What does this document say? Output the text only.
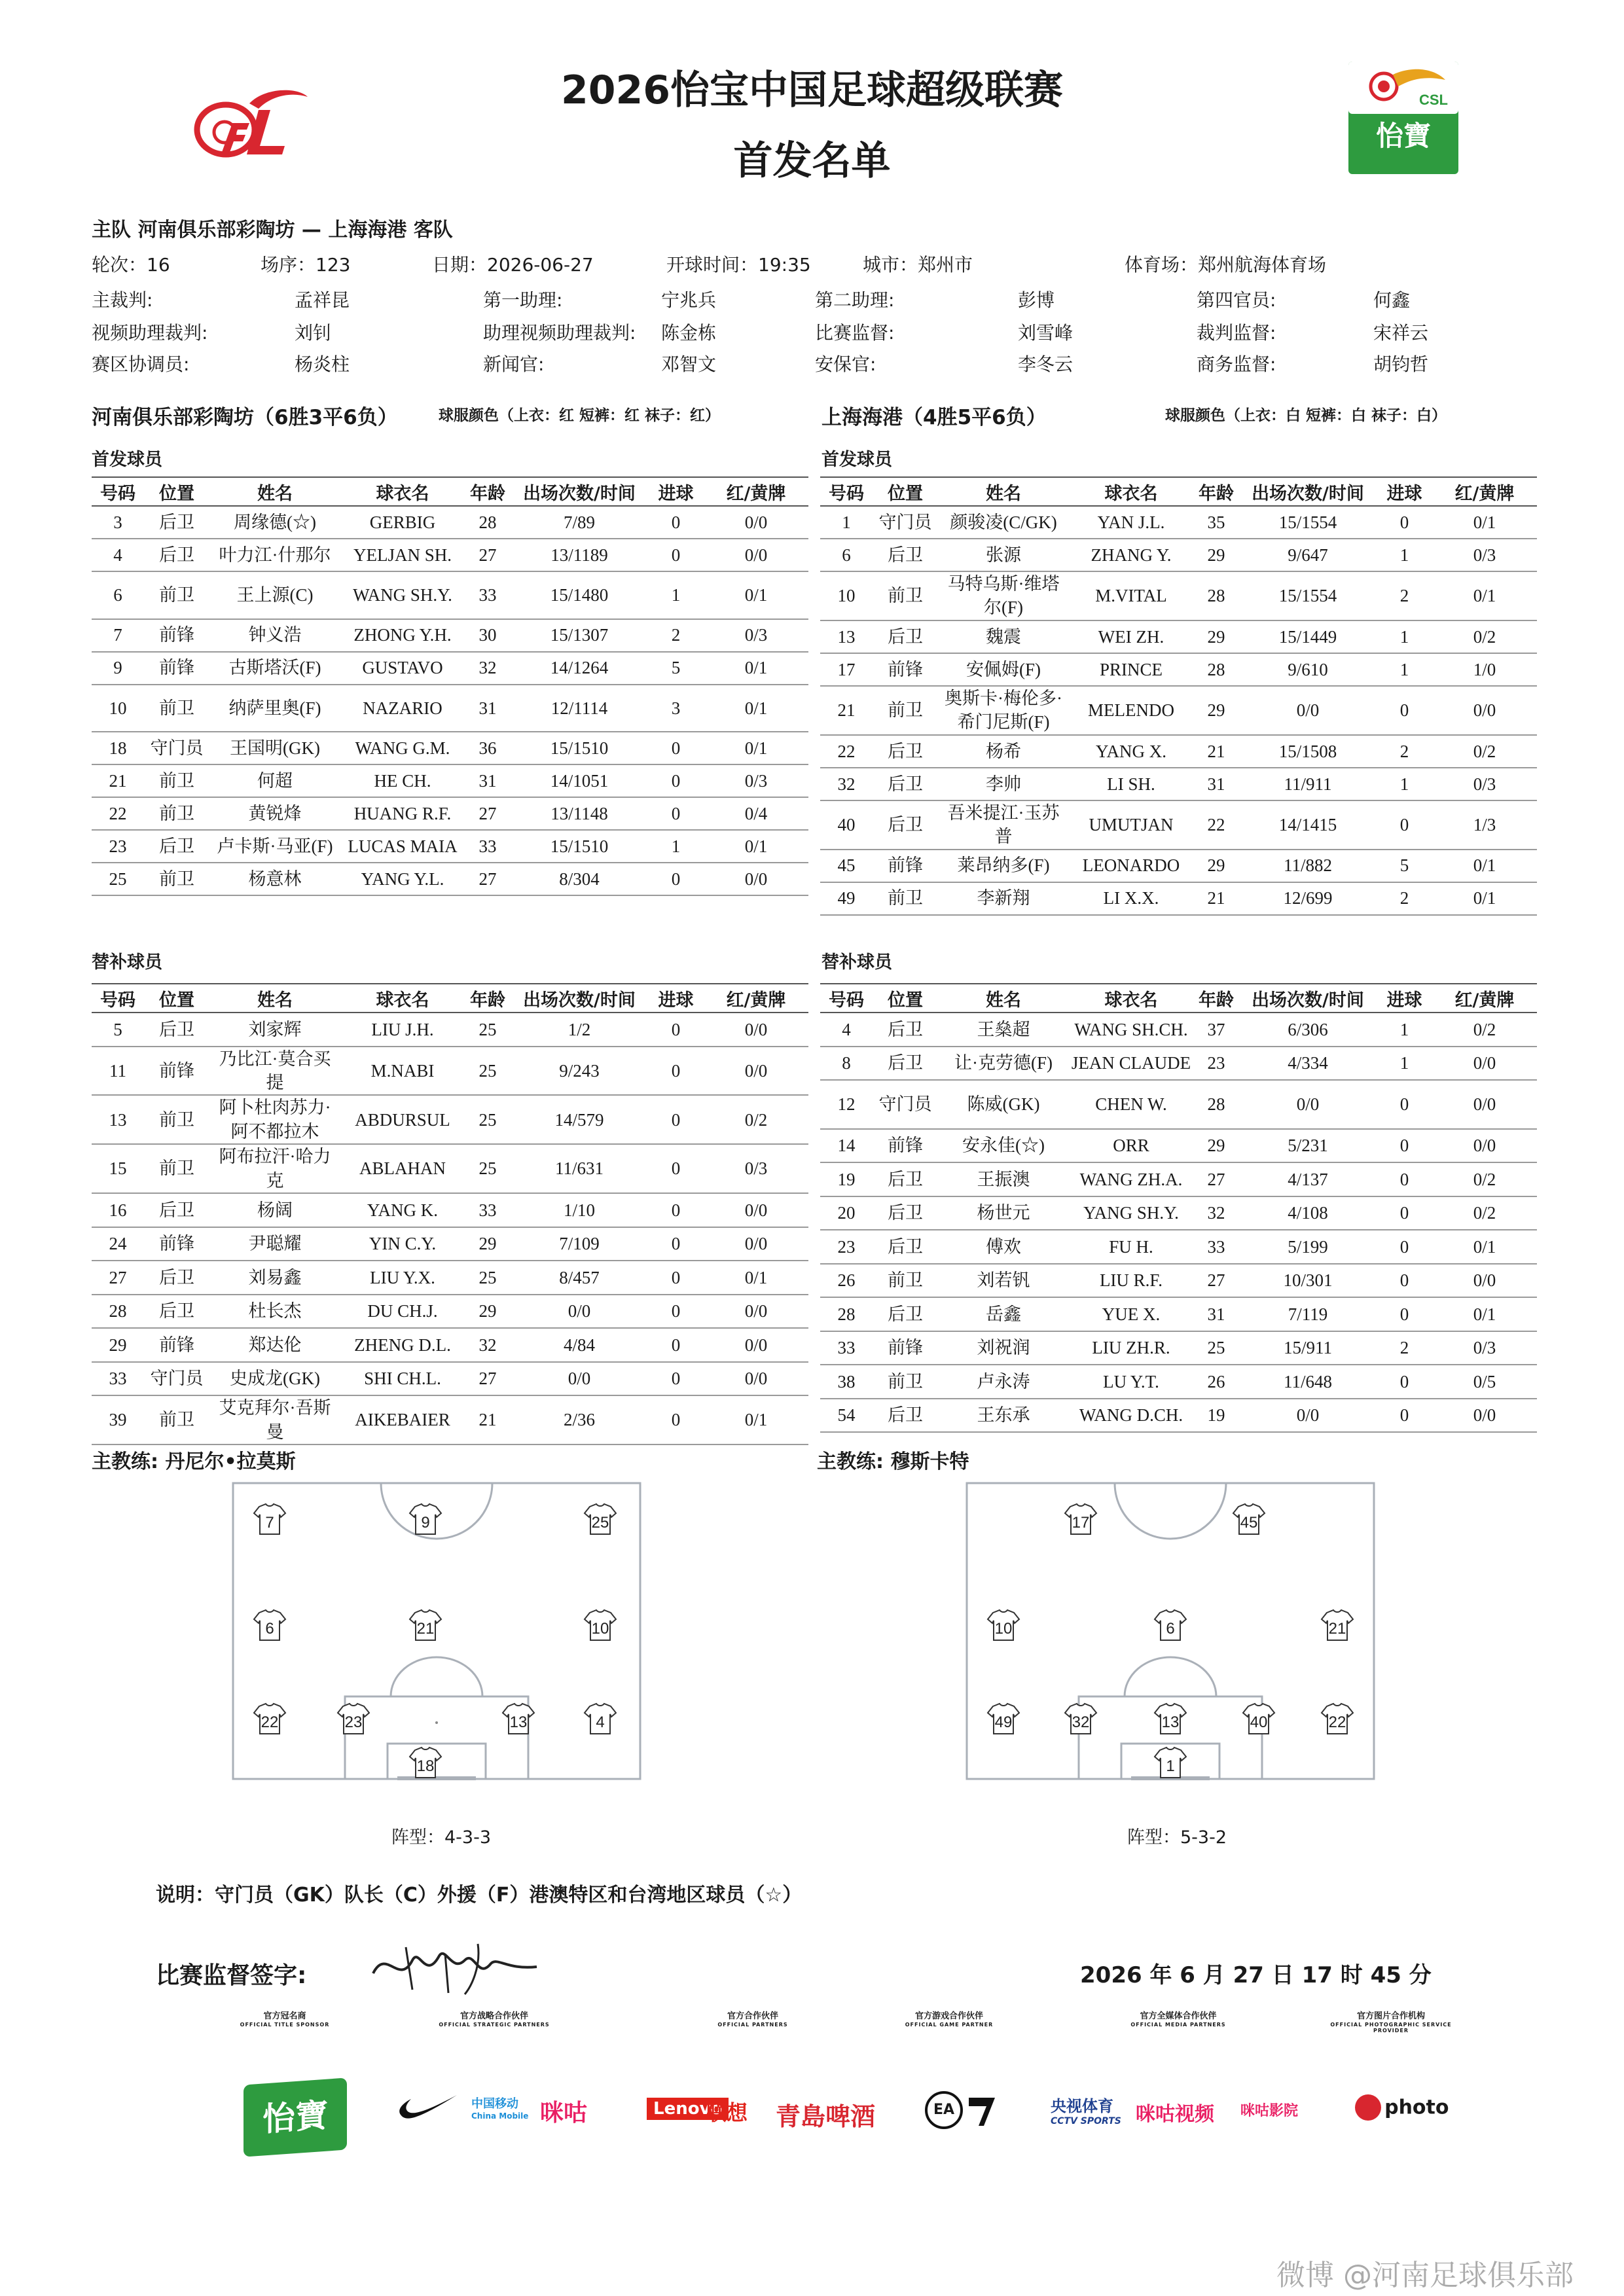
CFL
CSL
怡寶
2026怡宝中国足球超级联赛
首发名单
主队 河南俱乐部彩陶坊 — 上海海港 客队
轮次：16	场序：123	日期：2026-06-27	开球时间：19:35	城市：郑州市	体育场：郑州航海体育场
主裁判:	孟祥昆	第一助理:	宁兆兵	第二助理:	彭博	第四官员:	何鑫
视频助理裁判:	刘钊	助理视频助理裁判: 陈金栋	比赛监督:	刘雪峰	裁判监督:	宋祥云
赛区协调员:	杨炎柱	新闻官:	邓智文	安保官:	李冬云	商务监督:	胡钧哲
河南俱乐部彩陶坊（6胜3平6负）	球服颜色（上衣：红 短裤：红 袜子：红）	上海海港（4胜5平6负）	球服颜色（上衣：白 短裤：白 袜子：白）
首发球员	首发球员
号码	位置	姓名	球衣名	年龄	出场次数/时间	进球	红/黄牌
3	后卫	周缘德(☆)	GERBIG	28	7/89	0	0/0
4	后卫	叶力江·什那尔	YELJAN SH.	27	13/1189	0	0/0
6	前卫	王上源(C)	WANG SH.Y.	33	15/1480	1	0/1
7	前锋	钟义浩	ZHONG Y.H.	30	15/1307	2	0/3
9	前锋	古斯塔沃(F)	GUSTAVO	32	14/1264	5	0/1
10	前卫	纳萨里奥(F)	NAZARIO	31	12/1114	3	0/1
18	守门员	王国明(GK)	WANG G.M.	36	15/1510	0	0/1
21	前卫	何超	HE CH.	31	14/1051	0	0/3
22	前卫	黄锐烽	HUANG R.F.	27	13/1148	0	0/4
23	后卫	卢卡斯·马亚(F)	LUCAS MAIA	33	15/1510	1	0/1
25	前卫	杨意林	YANG Y.L.	27	8/304	0	0/0
号码	位置	姓名	球衣名	年龄	出场次数/时间	进球	红/黄牌
1	守门员	颜骏凌(C/GK)	YAN J.L.	35	15/1554	0	0/1
6	后卫	张源	ZHANG Y.	29	9/647	1	0/3
10	前卫	马特乌斯·维塔尔(F)	M.VITAL	28	15/1554	2	0/1
13	后卫	魏震	WEI ZH.	29	15/1449	1	0/2
17	前锋	安佩姆(F)	PRINCE	28	9/610	1	1/0
21	前卫	奥斯卡·梅伦多·希门尼斯(F)	MELENDO	29	0/0	0	0/0
22	后卫	杨希	YANG X.	21	15/1508	2	0/2
32	后卫	李帅	LI SH.	31	11/911	1	0/3
40	后卫	吾米提江·玉苏普	UMUTJAN	22	14/1415	0	1/3
45	前锋	莱昂纳多(F)	LEONARDO	29	11/882	5	0/1
49	前卫	李新翔	LI X.X.	21	12/699	2	0/1
替补球员	替补球员
号码	位置	姓名	球衣名	年龄	出场次数/时间	进球	红/黄牌
5	后卫	刘家辉	LIU J.H.	25	1/2	0	0/0
11	前锋	乃比江·莫合买提	M.NABI	25	9/243	0	0/0
13	前卫	阿卜杜肉苏力·阿不都拉木	ABDURSUL	25	14/579	0	0/2
15	前卫	阿布拉汗·哈力克	ABLAHAN	25	11/631	0	0/3
16	后卫	杨阔	YANG K.	33	1/10	0	0/0
24	前锋	尹聪耀	YIN C.Y.	29	7/109	0	0/0
27	后卫	刘易鑫	LIU Y.X.	25	8/457	0	0/1
28	后卫	杜长杰	DU CH.J.	29	0/0	0	0/0
29	前锋	郑达伦	ZHENG D.L.	32	4/84	0	0/0
33	守门员	史成龙(GK)	SHI CH.L.	27	0/0	0	0/0
39	前卫	艾克拜尔·吾斯曼	AIKEBAIER	21	2/36	0	0/1
号码	位置	姓名	球衣名	年龄	出场次数/时间	进球	红/黄牌
4	后卫	王燊超	WANG SH.CH.	37	6/306	1	0/2
8	后卫	让·克劳德(F)	JEAN CLAUDE	23	4/334	1	0/0
12	守门员	陈威(GK)	CHEN W.	28	0/0	0	0/0
14	前锋	安永佳(☆)	ORR	29	5/231	0	0/0
19	后卫	王振澳	WANG ZH.A.	27	4/137	0	0/2
20	后卫	杨世元	YANG SH.Y.	32	4/108	0	0/2
23	后卫	傅欢	FU H.	33	5/199	0	0/1
26	前卫	刘若钒	LIU R.F.	27	10/301	0	0/0
28	后卫	岳鑫	YUE X.	31	7/119	0	0/1
33	前锋	刘祝润	LIU ZH.R.	25	15/911	2	0/3
38	前卫	卢永涛	LU Y.T.	26	11/648	0	0/5
54	后卫	王东承	WANG D.CH.	19	0/0	0	0/0
主教练: 丹尼尔•拉莫斯	主教练: 穆斯卡特
7	9	25
6	21	10
22	23	13	4
18
17	45
10	6	21
49	32	13	40	22
1
阵型：4-3-3	阵型：5-3-2
说明：守门员（GK）队长（C）外援（F）港澳特区和台湾地区球员（☆）
比赛监督签字:	2026 年 6 月 27 日 17 时 45 分
官方冠名商
OFFICIAL TITLE SPONSOR
官方战略合作伙伴
OFFICIAL STRATEGIC PARTNERS
官方合作伙伴
OFFICIAL PARTNERS
官方游戏合作伙伴
OFFICIAL GAME PARTNER
官方全媒体合作伙伴
OFFICIAL MEDIA PARTNERS
官方图片合作机构
OFFICIAL PHOTOGRAPHIC SERVICE PROVIDER
怡寶	中国移动
China Mobile 咪咕	Lenovo
联想 青島啤酒	EA	央视体育
CCTV SPORTS 咪咕视频 咪咕影院	photo
微博 @河南足球俱乐部
